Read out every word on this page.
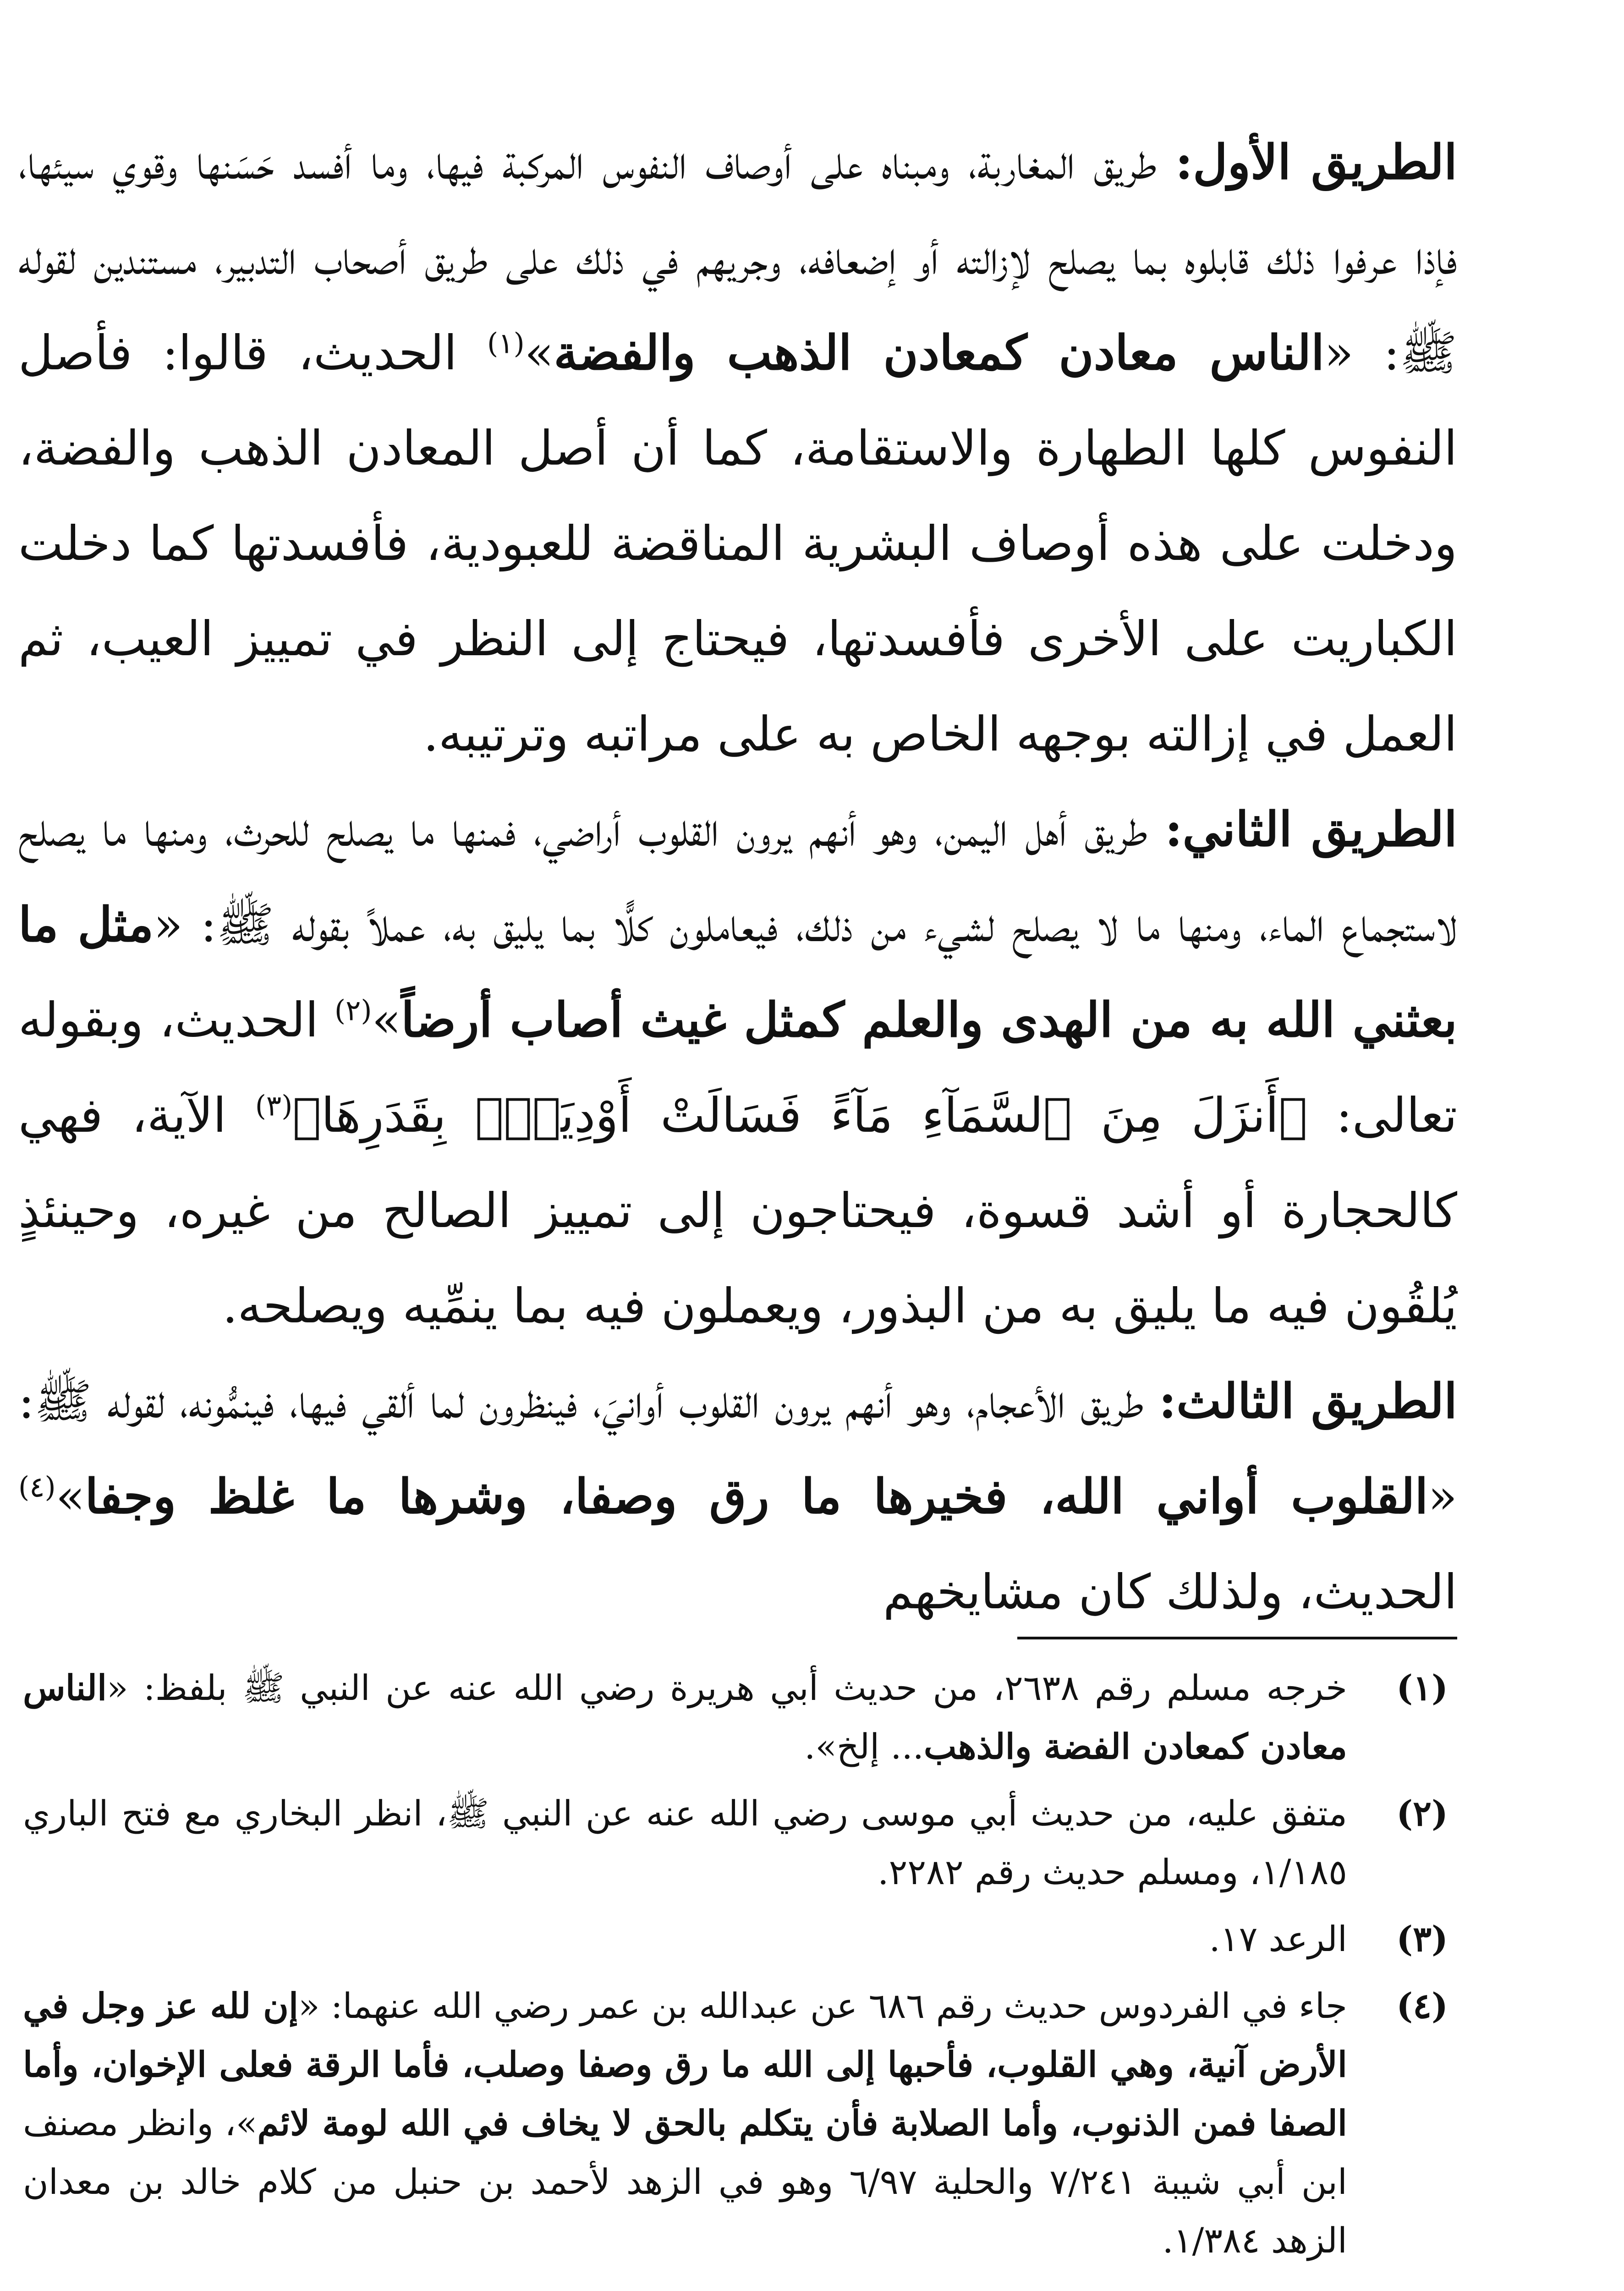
الطريق الأول: طريق المغاربة، ومبناه على أوصاف النفوس المركبة فيها، وما أفسد حَسَنها وقوي سيئها، فإذا عرفوا ذلك قابلوه بما يصلح لإزالته أو إضعافه، وجريهم في ذلك على طريق أصحاب التدبير، مستندين لقوله ﷺ: «الناس معادن كمعادن الذهب والفضة»$^{(١)}$ الحديث، قالوا: فأصل النفوس كلها الطهارة والاستقامة، كما أن أصل المعادن الذهب والفضة، ودخلت على هذه أوصاف البشرية المناقضة للعبودية، فأفسدتها كما دخلت الكباريت على الأخرى فأفسدتها، فيحتاج إلى النظر في تمييز العيب، ثم العمل في إزالته بوجهه الخاص به على مراتبه وترتيبه.

الطريق الثاني: طريق أهل اليمن، وهو أنهم يرون القلوب أراضي، فمنها ما يصلح للحرث، ومنها ما يصلح لاستجماع الماء، ومنها ما لا يصلح لشيء من ذلك، فيعاملون كلًّا بما يليق به، عملاً بقوله ﷺ: «مثل ما بعثني الله به من الهدى والعلم كمثل غيث أصاب أرضاً»$^{(٢)}$ الحديث، وبقوله تعالى: ﴿أَنزَلَ مِنَ ٱلسَّمَآءِ مَآءً فَسَالَتْ أَوْدِيَةٌۢ بِقَدَرِهَا﴾$^{(٣)}$ الآية، فهي كالحجارة أو أشد قسوة، فيحتاجون إلى تمييز الصالح من غيره، وحينئذٍ يُلقُون فيه ما يليق به من البذور، ويعملون فيه بما ينمِّيه ويصلحه.

الطريق الثالث: طريق الأعجام، وهو أنهم يرون القلوب أوانيَ، فينظرون لما ألقي فيها، فينمُّونه، لقوله ﷺ: «القلوب أواني الله، فخيرها ما رق وصفا، وشرها ما غلظ وجفا»$^{(٤)}$ الحديث، ولذلك كان مشايخهم

(١)
خرجه مسلم رقم ٢٦٣٨، من حديث أبي هريرة رضي الله عنه عن النبي ﷺ بلفظ: «الناس معادن كمعادن الفضة والذهب... إلخ».
(٢)
متفق عليه، من حديث أبي موسى رضي الله عنه عن النبي ﷺ، انظر البخاري مع فتح الباري ١/١٨٥، ومسلم حديث رقم ٢٢٨٢.
(٣)
الرعد ١٧.
(٤)
جاء في الفردوس حديث رقم ٦٨٦ عن عبدالله بن عمر رضي الله عنهما: «إن لله عز وجل في الأرض آنية، وهي القلوب، فأحبها إلى الله ما رق وصفا وصلب، فأما الرقة فعلى الإخوان، وأما الصفا فمن الذنوب، وأما الصلابة فأن يتكلم بالحق لا يخاف في الله لومة لائم»، وانظر مصنف ابن أبي شيبة ٧/٢٤١ والحلية ٦/٩٧ وهو في الزهد لأحمد بن حنبل من كلام خالد بن معدان الزهد ١/٣٨٤.
